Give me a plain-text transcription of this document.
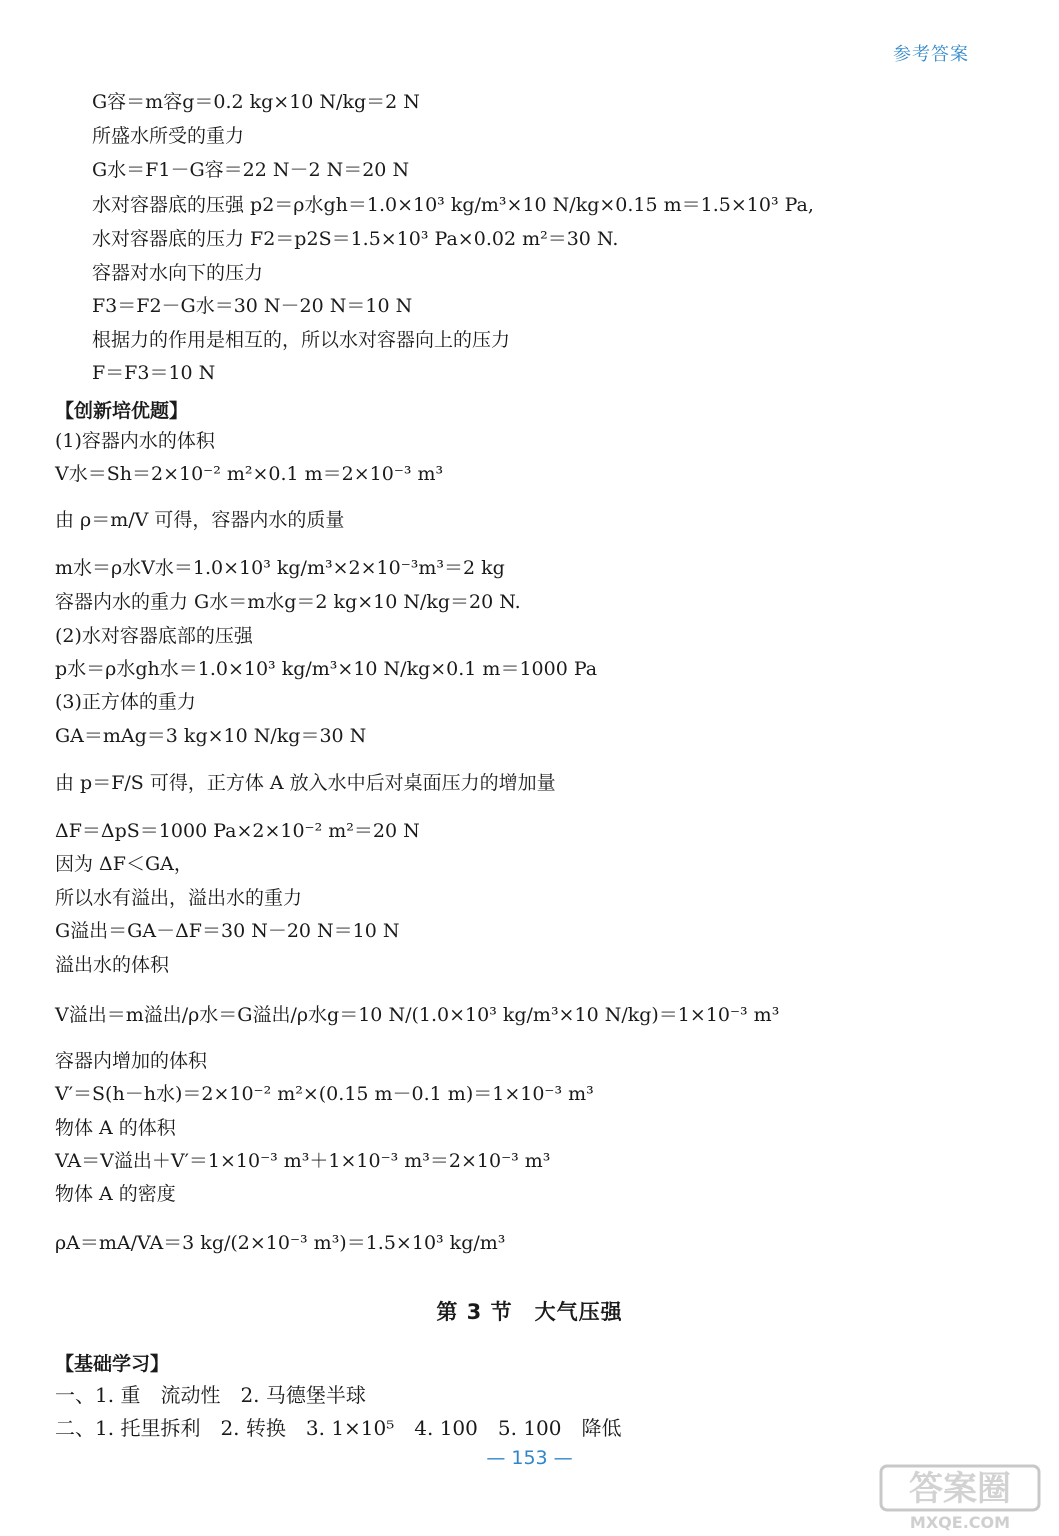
参考答案
G容＝m容g＝0.2 kg×10 N/kg＝2 N
所盛水所受的重力
G水＝F1－G容＝22 N－2 N＝20 N
水对容器底的压强 p2＝ρ水gh＝1.0×10³ kg/m³×10 N/kg×0.15 m＝1.5×10³ Pa,
水对容器底的压力 F2＝p2S＝1.5×10³ Pa×0.02 m²＝30 N.
容器对水向下的压力
F3＝F2－G水＝30 N－20 N＝10 N
根据力的作用是相互的，所以水对容器向上的压力
F＝F3＝10 N
【创新培优题】
(1)容器内水的体积
V水＝Sh＝2×10⁻² m²×0.1 m＝2×10⁻³ m³
由 ρ＝m/V 可得，容器内水的质量
m水＝ρ水V水＝1.0×10³ kg/m³×2×10⁻³m³＝2 kg
容器内水的重力 G水＝m水g＝2 kg×10 N/kg＝20 N.
(2)水对容器底部的压强
p水＝ρ水gh水＝1.0×10³ kg/m³×10 N/kg×0.1 m＝1000 Pa
(3)正方体的重力
GA＝mAg＝3 kg×10 N/kg＝30 N
由 p＝F/S 可得，正方体 A 放入水中后对桌面压力的增加量
ΔF＝ΔpS＝1000 Pa×2×10⁻² m²＝20 N
因为 ΔF＜GA，
所以水有溢出，溢出水的重力
G溢出＝GA－ΔF＝30 N－20 N＝10 N
溢出水的体积
V溢出＝m溢出/ρ水＝G溢出/ρ水g＝10 N/(1.0×10³ kg/m³×10 N/kg)＝1×10⁻³ m³
容器内增加的体积
V′＝S(h－h水)＝2×10⁻² m²×(0.15 m－0.1 m)＝1×10⁻³ m³
物体 A 的体积
VA＝V溢出＋V′＝1×10⁻³ m³＋1×10⁻³ m³＝2×10⁻³ m³
物体 A 的密度
ρA＝mA/VA＝3 kg/(2×10⁻³ m³)＝1.5×10³ kg/m³
第 3 节　大气压强
【基础学习】
一、1. 重　流动性　2. 马德堡半球
二、1. 托里拆利　2. 转换　3. 1×10⁵　4. 100　5. 100　降低
— 153 —
答案圈
MXQE.COM
